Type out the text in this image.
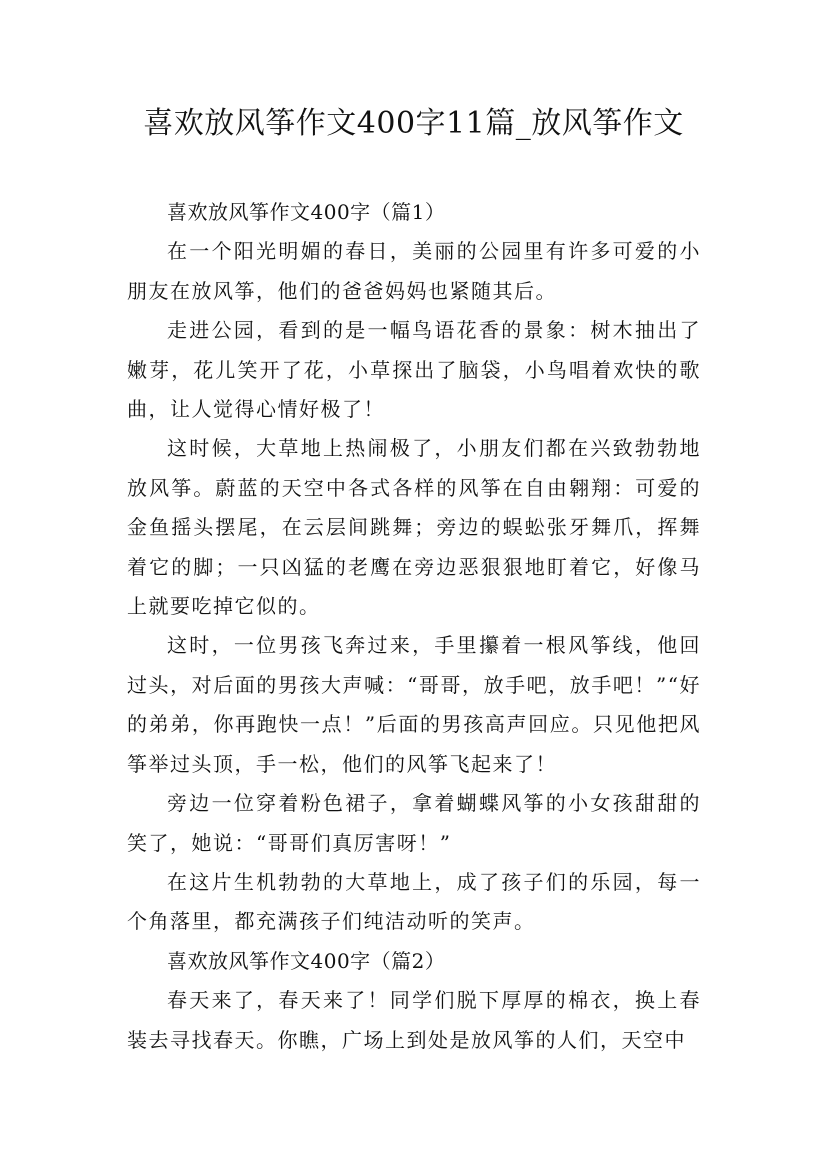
喜欢放风筝作文400字11篇_放风筝作文

喜欢放风筝作文400字（篇1）

在一个阳光明媚的春日，美丽的公园里有许多可爱的小朋友在放风筝，他们的爸爸妈妈也紧随其后。

走进公园，看到的是一幅鸟语花香的景象：树木抽出了嫩芽，花儿笑开了花，小草探出了脑袋，小鸟唱着欢快的歌曲，让人觉得心情好极了！

这时候，大草地上热闹极了，小朋友们都在兴致勃勃地放风筝。蔚蓝的天空中各式各样的风筝在自由翱翔：可爱的金鱼摇头摆尾，在云层间跳舞；旁边的蜈蚣张牙舞爪，挥舞着它的脚；一只凶猛的老鹰在旁边恶狠狠地盯着它，好像马上就要吃掉它似的。

这时，一位男孩飞奔过来，手里攥着一根风筝线，他回过头，对后面的男孩大声喊：“哥哥，放手吧，放手吧！”“好的弟弟，你再跑快一点！”后面的男孩高声回应。只见他把风筝举过头顶，手一松，他们的风筝飞起来了！

旁边一位穿着粉色裙子，拿着蝴蝶风筝的小女孩甜甜的笑了，她说：“哥哥们真厉害呀！”

在这片生机勃勃的大草地上，成了孩子们的乐园，每一个角落里，都充满孩子们纯洁动听的笑声。

喜欢放风筝作文400字（篇2）

春天来了，春天来了！同学们脱下厚厚的棉衣，换上春装去寻找春天。你瞧，广场上到处是放风筝的人们，天空中
